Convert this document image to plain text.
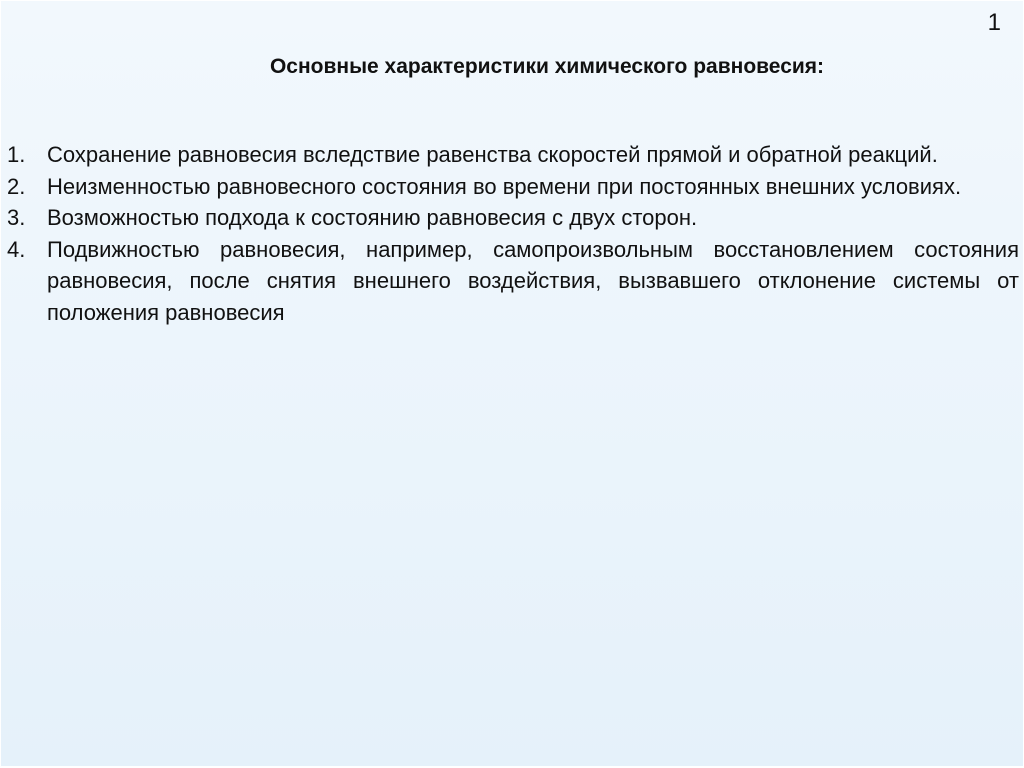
1
Основные характеристики химического равновесия:
1. Сохранение равновесия вследствие равенства скоростей прямой и обратной реакций.
2. Неизменностью равновесного состояния во времени при постоянных внешних условиях.
3. Возможностью подхода к состоянию равновесия с двух сторон.
4. Подвижностью равновесия, например, самопроизвольным восстановлением состояния равновесия, после снятия внешнего воздействия, вызвавшего отклонение системы от положения равновесия
